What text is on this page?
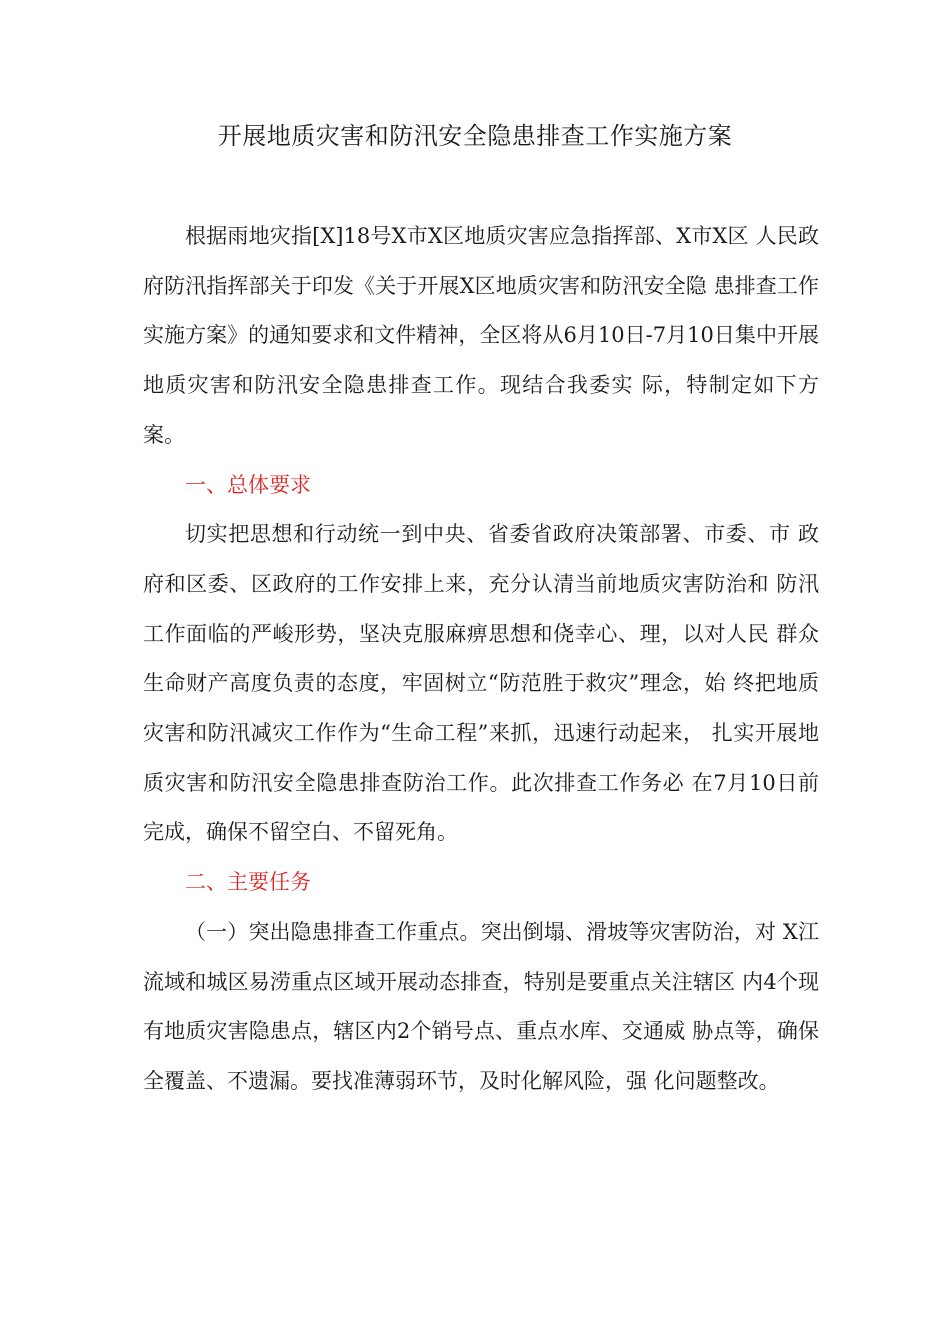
开展地质灾害和防汛安全隐患排查工作实施方案

根据雨地灾指[X]18号X市X区地质灾害应急指挥部、X市X区 人民政府防汛指挥部关于印发《关于开展X区地质灾害和防汛安全隐 患排查工作实施方案》的通知要求和文件精神，全区将从6月10日-7月10日集中开展地质灾害和防汛安全隐患排查工作。现结合我委实 际，特制定如下方案。

一、总体要求

切实把思想和行动统一到中央、省委省政府决策部署、市委、市 政府和区委、区政府的工作安排上来，充分认清当前地质灾害防治和 防汛工作面临的严峻形势，坚决克服麻痹思想和侥幸心、理，以对人民 群众生命财产高度负责的态度，牢固树立“防范胜于救灾”理念，始 终把地质灾害和防汛减灾工作作为“生命工程”来抓，迅速行动起来， 扎实开展地质灾害和防汛安全隐患排查防治工作。此次排查工作务必 在7月10日前完成，确保不留空白、不留死角。

二、主要任务

（一）突出隐患排查工作重点。突出倒塌、滑坡等灾害防治，对 X江流域和城区易涝重点区域开展动态排查，特别是要重点关注辖区 内4个现有地质灾害隐患点，辖区内2个销号点、重点水库、交通威 胁点等，确保全覆盖、不遗漏。要找准薄弱环节，及时化解风险，强 化问题整改。
